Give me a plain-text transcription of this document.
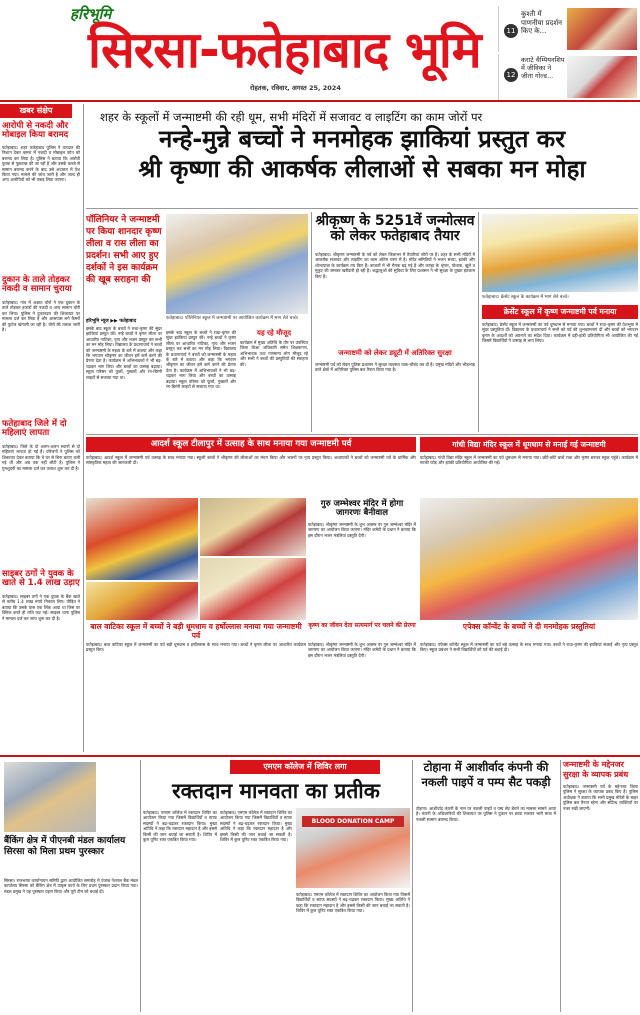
हरिभूमि
सिरसा-फतेहाबाद भूमि
रोहतक, रविवार, अगस्त 25, 2024
11
कुश्ती में पाणनीया प्रदर्शन किए के...
12
कराटे चैम्पियनशिप में जीविका ने जीता गोल्ड...
खबर संक्षेप
आरोपी से नकदी और मोबाइल किया बरामद
फतेहाबाद। शहर फतेहाबाद पुलिस ने वारदात की निशान देकर कमरा में नकदी व मोबाइल फोन को बरामद कर लिया है। पुलिस ने बताया कि आरोपी युवक से पूछताछ की जा रही है और उसके कब्जे से सामान बरामद करने के बाद उसे अदालत में पेश किया गया। मामले की जांच जारी है और जल्द ही अन्य आरोपियों को भी पकड़ लिया जाएगा।
दुकान के ताले तोड़कर नकदी व सामान चुराया
फतेहाबाद। गांव में अज्ञात चोरों ने एक दुकान के ताले तोड़कर हजारों की नकदी व अन्य सामान चोरी कर लिया। पुलिस ने दुकानदार की शिकायत पर मामला दर्ज कर लिया है और आसपास लगे कैमरों की फुटेज खंगाली जा रही है। चोरों की तलाश जारी है।
फतेहाबाद जिले में दो महिलाएं लापता
फतेहाबाद। जिले के दो अलग-अलग स्थानों से दो महिलाएं लापता हो गई हैं। परिजनों ने पुलिस को शिकायत देकर बताया कि वे घर से बिना बताए चली गई थीं और अब तक नहीं लौटी हैं। पुलिस ने गुमशुदगी का मामला दर्ज कर तलाश शुरू कर दी है।
साइबर ठगों ने युवक के खाते से 1.4 लाख उड़ाए
फतेहाबाद। साइबर ठगों ने एक युवक के बैंक खाते से करीब 1.4 लाख रुपये निकाल लिए। पीड़ित ने बताया कि उसके पास एक लिंक आया था जिस पर क्लिक करते ही राशि कट गई। साइबर थाना पुलिस ने मामला दर्ज कर जांच शुरू कर दी है।
शहर के स्कूलों में जन्माष्टमी की रही धूम, सभी मंदिरों में सजावट व लाइटिंग का काम जोरों पर
नन्हे-मुन्ने बच्चों ने मनमोहक झाकियां प्रस्तुत कर
श्री कृष्णा की आकर्षक लीलाओं से सबका मन मोहा
पॉलिनियर ने जन्माष्टमी पर किया शानदार कृष्ण लीला व रास लीला का प्रदर्शन। सभी आए हुए दर्शकों ने इस कार्यक्रम की खूब सराहना की
हरिभूमि न्यूज ▶▶ फतेहाबाद
इसके बाद स्कूल के बच्चों ने राधा-कृष्ण की सुंदर झांकियां प्रस्तुत कीं। नन्हे बच्चों ने कृष्ण लीला पर आधारित नाटिका, नृत्य और भजन प्रस्तुत कर सभी का मन मोह लिया। विद्यालय के प्रधानाचार्य ने बच्चों को जन्माष्टमी के महत्व के बारे में बताया और कहा कि भगवान श्रीकृष्ण का जीवन हमें कर्म करने की प्रेरणा देता है। कार्यक्रम में अभिभावकों ने भी बढ़-चढ़कर भाग लिया और बच्चों का उत्साह बढ़ाया। स्कूल परिसर को फूलों, गुब्बारों और रंग-बिरंगी लाइटों से सजाया गया था।
फतेहाबाद। पॉलिनियर स्कूल में जन्माष्टमी पर आयोजित कार्यक्रम में भाग लेते बच्चे।
इसके बाद स्कूल के बच्चों ने राधा-कृष्ण की सुंदर झांकियां प्रस्तुत कीं। नन्हे बच्चों ने कृष्ण लीला पर आधारित नाटिका, नृत्य और भजन प्रस्तुत कर सभी का मन मोह लिया। विद्यालय के प्रधानाचार्य ने बच्चों को जन्माष्टमी के महत्व के बारे में बताया और कहा कि भगवान श्रीकृष्ण का जीवन हमें कर्म करने की प्रेरणा देता है। कार्यक्रम में अभिभावकों ने भी बढ़-चढ़कर भाग लिया और बच्चों का उत्साह बढ़ाया। स्कूल परिसर को फूलों, गुब्बारों और रंग-बिरंगी लाइटों से सजाया गया था।
यह रहे मौजूद
कार्यक्रम में मुख्य अतिथि के तौर पर उपस्थित जिला शिक्षा अधिकारी समेत शिक्षकगण, अभिभावक तथा गणमान्य लोग मौजूद रहे और सभी ने बच्चों की प्रस्तुतियों की सराहना की।
श्रीकृष्ण के 5251वें जन्मोत्सव को लेकर फतेहाबाद तैयार
फतेहाबाद। श्रीकृष्ण जन्माष्टमी के पर्व को लेकर जिलाभर में तैयारियां जोरों पर हैं। शहर के सभी मंदिरों में आकर्षक सजावट और लाइटिंग का काम अंतिम चरण में है। मंदिर समितियों ने भजन संध्या, झांकी और शोभायात्रा के कार्यक्रम तय किए हैं। बाजारों में भी रौनक बढ़ गई है और कान्हा के श्रृंगार, पोशाक, झूले व मुकुट की जमकर खरीदारी हो रही है। श्रद्धालुओं की सुविधा के लिए प्रशासन ने भी सुरक्षा के पुख्ता इंतजाम किए हैं।
जन्माष्टमी को लेकर ड्यूटी में अतिरिक्त सुरक्षा
जन्माष्टमी पर्व को लेकर पुलिस प्रशासन ने सुरक्षा व्यवस्था चाक-चौबंद कर दी है। प्रमुख मंदिरों और भीड़भाड़ वाले क्षेत्रों में अतिरिक्त पुलिस बल तैनात किया गया है।
फतेहाबाद। क्रेसेंट स्कूल के कार्यक्रम में भाग लेते बच्चे।
क्रेसेंट स्कूल में कृष्ण जन्माष्टमी पर्व मनाया
फतेहाबाद। क्रेसेंट स्कूल में जन्माष्टमी का पर्व धूमधाम से मनाया गया। बच्चों ने राधा-कृष्ण की वेशभूषा में सुंदर प्रस्तुतियां दीं। विद्यालय के प्रधानाचार्य ने सभी को पर्व की शुभकामनाएं दीं और बच्चों को भगवान कृष्ण के आदर्शों को अपनाने का संदेश दिया। कार्यक्रम में दही-हांडी प्रतियोगिता भी आयोजित की गई जिसमें विद्यार्थियों ने उत्साह से भाग लिया।
आदर्श स्कूल टीलापुर में उत्साह के साथ मनाया गया जन्माष्टमी पर्व
फतेहाबाद। आदर्श स्कूल में जन्माष्टमी पर्व उत्साह के साथ मनाया गया। स्कूली बच्चों ने श्रीकृष्ण की लीलाओं का मंचन किया और भजनों पर नृत्य प्रस्तुत किया। अध्यापकों ने बच्चों को जन्माष्टमी पर्व के धार्मिक और सांस्कृतिक महत्व की जानकारी दी।
गांधी विद्या मंदिर स्कूल में धूमधाम से मनाई गई जन्माष्टमी
फतेहाबाद। गांधी विद्या मंदिर स्कूल में जन्माष्टमी का पर्व धूमधाम से मनाया गया। छोटे-छोटे बच्चे राधा और कृष्ण बनकर स्कूल पहुंचे। कार्यक्रम में मटकी फोड़ और झांकी प्रतियोगिता आयोजित की गई।
गुरु जम्भेश्वर मंदिर में होगा जागरणः बैनीवाल
फतेहाबाद। श्रीकृष्ण जन्माष्टमी के शुभ अवसर पर गुरु जम्भेश्वर मंदिर में जागरण का आयोजन किया जाएगा। मंदिर कमेटी के प्रधान ने बताया कि इस दौरान भजन मंडलियां प्रस्तुति देंगी।
बाल वाटिका स्कूल में बच्चों ने बड़ी धूमधाम व हर्षोल्लास मनाया गया जन्माष्टमी पर्व
फतेहाबाद। बाल वाटिका स्कूल में जन्माष्टमी का पर्व बड़ी धूमधाम व हर्षोल्लास के साथ मनाया गया। बच्चों ने कृष्ण लीला पर आधारित कार्यक्रम प्रस्तुत किए।
कृष्ण का जीवन देता सत्यमार्ग पर चलने की प्रेरणा
फतेहाबाद। श्रीकृष्ण जन्माष्टमी के शुभ अवसर पर गुरु जम्भेश्वर मंदिर में जागरण का आयोजन किया जाएगा। मंदिर कमेटी के प्रधान ने बताया कि इस दौरान भजन मंडलियां प्रस्तुति देंगी।
एपेक्स कॉन्वेंट के बच्चों ने दी मनमोहक प्रस्तुतियां
फतेहाबाद। एपेक्स कॉन्वेंट स्कूल में जन्माष्टमी का पर्व बड़े उत्साह के साथ मनाया गया। बच्चों ने राधा-कृष्ण की झांकियां सजाईं और नृत्य प्रस्तुत किए। स्कूल प्रबंधन ने सभी विद्यार्थियों को पर्व की बधाई दी।
बैंकिंग क्षेत्र में पीएनबी मंडल कार्यालय सिरसा को मिला प्रथम पुरस्कार
सिरसा। राजभाषा कार्यान्वयन समिति द्वारा आयोजित समारोह में पंजाब नेशनल बैंक मंडल कार्यालय सिरसा को बैंकिंग क्षेत्र में उत्कृष्ट कार्य के लिए प्रथम पुरस्कार प्रदान किया गया। मंडल प्रमुख ने यह पुरस्कार ग्रहण किया और पूरी टीम को बधाई दी।
एमएम कॉलेज में शिविर लगा
रक्तदान मानवता का प्रतीक
BLOOD DONATION CAMP
फतेहाबाद। एमएम कॉलेज में रक्तदान शिविर का आयोजन किया गया जिसमें विद्यार्थियों व स्टाफ सदस्यों ने बढ़-चढ़कर रक्तदान किया। मुख्य अतिथि ने कहा कि रक्तदान महादान है और इससे किसी की जान बचाई जा सकती है। शिविर में कुल यूनिट रक्त एकत्रित किया गया।
फतेहाबाद। एमएम कॉलेज में रक्तदान शिविर का आयोजन किया गया जिसमें विद्यार्थियों व स्टाफ सदस्यों ने बढ़-चढ़कर रक्तदान किया। मुख्य अतिथि ने कहा कि रक्तदान महादान है और इससे किसी की जान बचाई जा सकती है। शिविर में कुल यूनिट रक्त एकत्रित किया गया।
फतेहाबाद। एमएम कॉलेज में रक्तदान शिविर का आयोजन किया गया जिसमें विद्यार्थियों व स्टाफ सदस्यों ने बढ़-चढ़कर रक्तदान किया। मुख्य अतिथि ने कहा कि रक्तदान महादान है और इससे किसी की जान बचाई जा सकती है। शिविर में कुल यूनिट रक्त एकत्रित किया गया।
टोहाना में आशीर्वाद कंपनी की नकली पाइपें व पम्प सैट पकड़ी
टोहाना। आशीर्वाद कंपनी के नाम पर नकली पाइपें व पम्प सेट बेचने का मामला सामने आया है। कंपनी के अधिकारियों की शिकायत पर पुलिस ने दुकान पर छापा मारकर भारी मात्रा में नकली सामान बरामद किया।
जन्माष्टमी के मद्देनजर सुरक्षा के व्यापक प्रबंध
फतेहाबाद। जन्माष्टमी पर्व के मद्देनजर जिला पुलिस ने सुरक्षा के व्यापक प्रबंध किए हैं। पुलिस अधीक्षक ने बताया कि सभी प्रमुख मंदिरों के बाहर पुलिस बल तैनात रहेगा और संदिग्ध व्यक्तियों पर नजर रखी जाएगी।
